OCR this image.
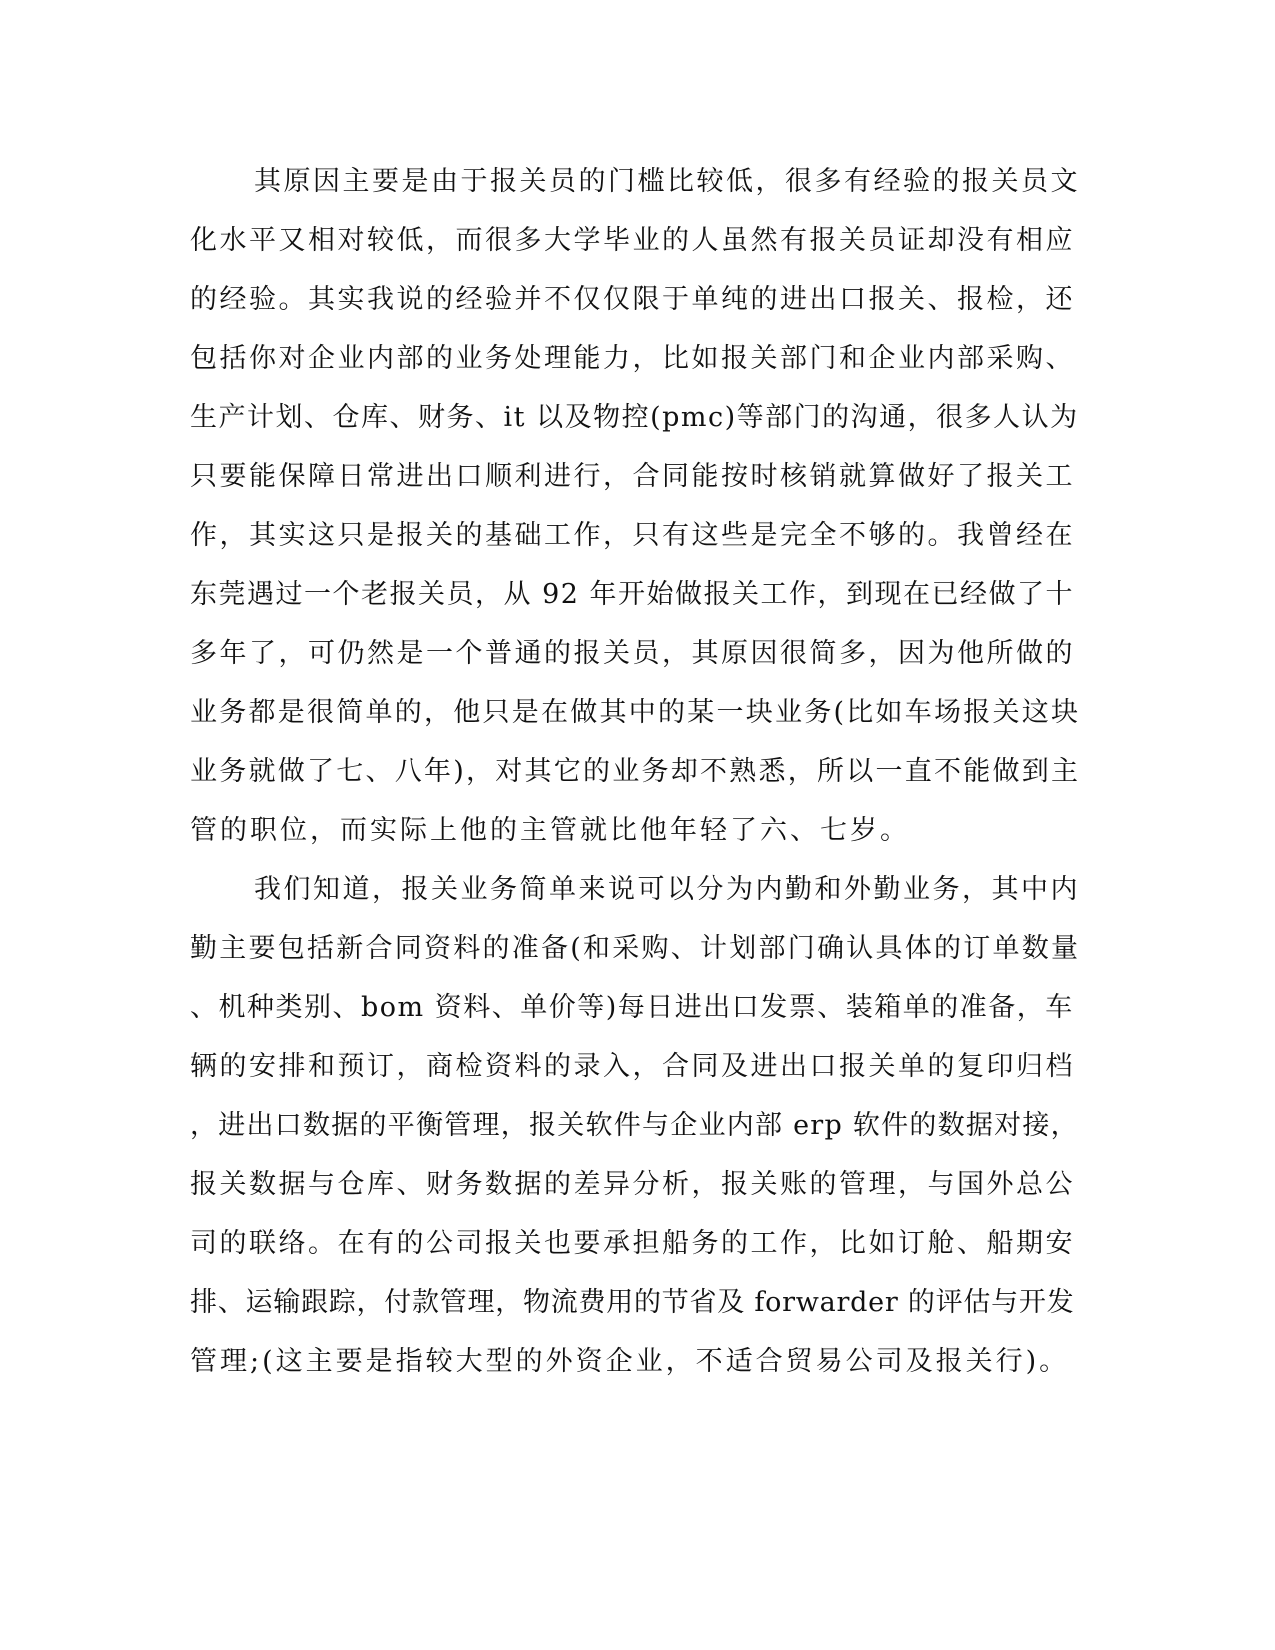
其原因主要是由于报关员的门槛比较低，很多有经验的报关员文
化水平又相对较低，而很多大学毕业的人虽然有报关员证却没有相应
的经验。其实我说的经验并不仅仅限于单纯的进出口报关、报检，还
包括你对企业内部的业务处理能力，比如报关部门和企业内部采购、
生产计划、仓库、财务、it 以及物控(pmc)等部门的沟通，很多人认为
只要能保障日常进出口顺利进行，合同能按时核销就算做好了报关工
作，其实这只是报关的基础工作，只有这些是完全不够的。我曾经在
东莞遇过一个老报关员，从 92 年开始做报关工作，到现在已经做了十
多年了，可仍然是一个普通的报关员，其原因很简多，因为他所做的
业务都是很简单的，他只是在做其中的某一块业务(比如车场报关这块
业务就做了七、八年)，对其它的业务却不熟悉，所以一直不能做到主
管的职位，而实际上他的主管就比他年轻了六、七岁。
我们知道，报关业务简单来说可以分为内勤和外勤业务，其中内
勤主要包括新合同资料的准备(和采购、计划部门确认具体的订单数量
、机种类别、bom 资料、单价等)每日进出口发票、装箱单的准备，车
辆的安排和预订，商检资料的录入，合同及进出口报关单的复印归档
，进出口数据的平衡管理，报关软件与企业内部 erp 软件的数据对接，
报关数据与仓库、财务数据的差异分析，报关账的管理，与国外总公
司的联络。在有的公司报关也要承担船务的工作，比如订舱、船期安
排、运输跟踪，付款管理，物流费用的节省及 forwarder 的评估与开发
管理;(这主要是指较大型的外资企业，不适合贸易公司及报关行)。
